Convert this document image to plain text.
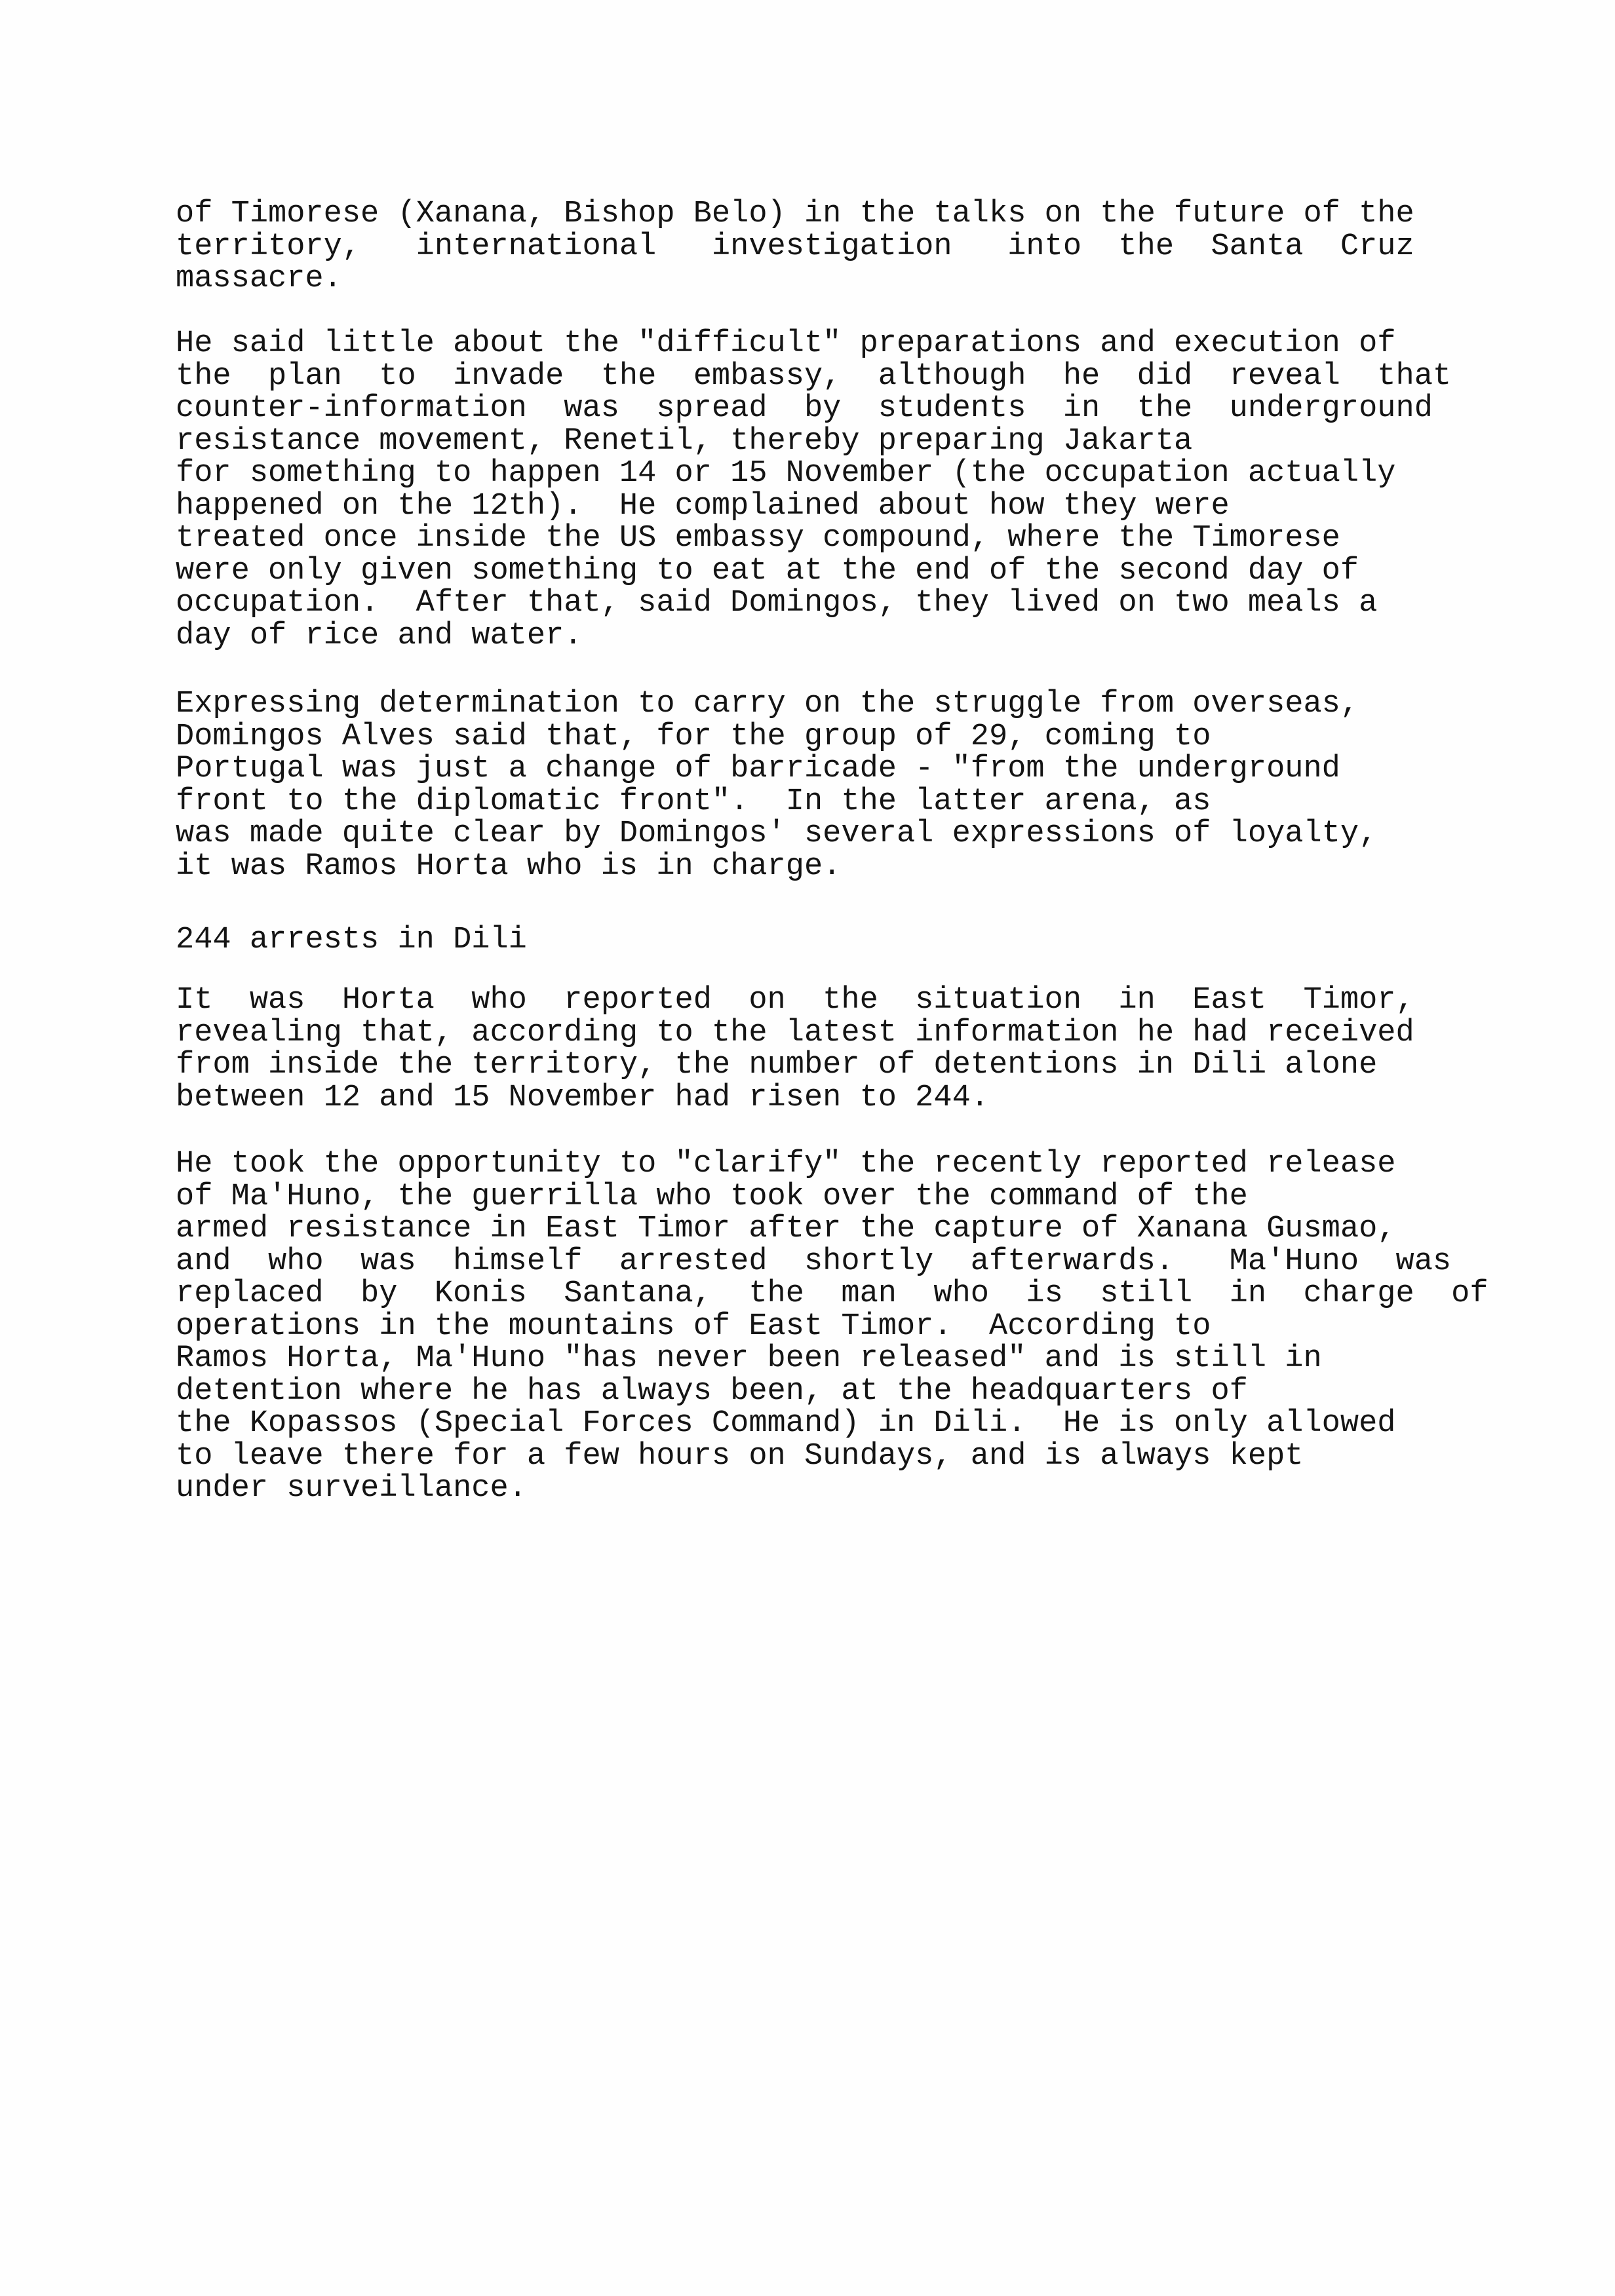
of Timorese (Xanana, Bishop Belo) in the talks on the future of the
territory,   international   investigation   into  the  Santa  Cruz
massacre.
He said little about the "difficult" preparations and execution of
the  plan  to  invade  the  embassy,  although  he  did  reveal  that
counter-information  was  spread  by  students  in  the  underground
resistance movement, Renetil, thereby preparing Jakarta
for something to happen 14 or 15 November (the occupation actually
happened on the 12th).  He complained about how they were
treated once inside the US embassy compound, where the Timorese
were only given something to eat at the end of the second day of
occupation.  After that, said Domingos, they lived on two meals a
day of rice and water.
Expressing determination to carry on the struggle from overseas,
Domingos Alves said that, for the group of 29, coming to
Portugal was just a change of barricade - "from the underground
front to the diplomatic front".  In the latter arena, as
was made quite clear by Domingos' several expressions of loyalty,
it was Ramos Horta who is in charge.
244 arrests in Dili
It  was  Horta  who  reported  on  the  situation  in  East  Timor,
revealing that, according to the latest information he had received
from inside the territory, the number of detentions in Dili alone
between 12 and 15 November had risen to 244.
He took the opportunity to "clarify" the recently reported release
of Ma'Huno, the guerrilla who took over the command of the
armed resistance in East Timor after the capture of Xanana Gusmao,
and  who  was  himself  arrested  shortly  afterwards.   Ma'Huno  was
replaced  by  Konis  Santana,  the  man  who  is  still  in  charge  of
operations in the mountains of East Timor.  According to
Ramos Horta, Ma'Huno "has never been released" and is still in
detention where he has always been, at the headquarters of
the Kopassos (Special Forces Command) in Dili.  He is only allowed
to leave there for a few hours on Sundays, and is always kept
under surveillance.
